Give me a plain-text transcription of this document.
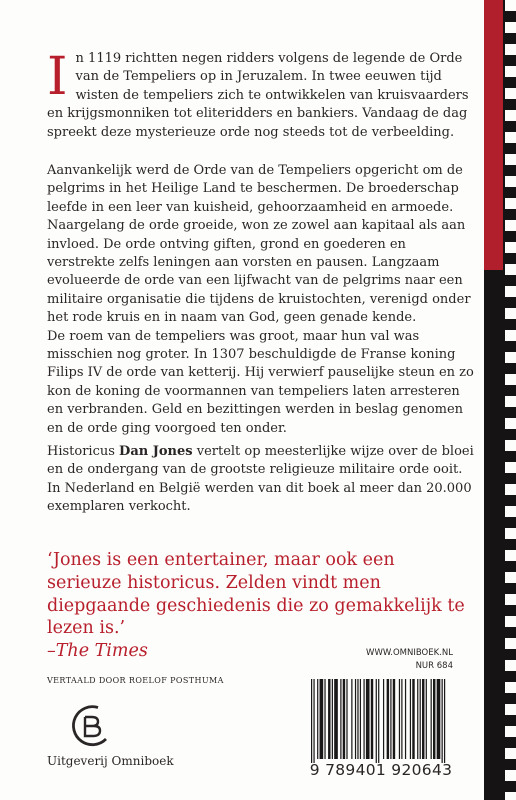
In 1119 richtten negen ridders volgens de legende de Orde van de Tempeliers op in Jeruzalem. In twee eeuwen tijd wisten de tempeliers zich te ontwikkelen van kruisvaarders en krijgsmonniken tot eliteridders en bankiers. Vandaag de dag spreekt deze mysterieuze orde nog steeds tot de verbeelding.
Aanvankelijk werd de Orde van de Tempeliers opgericht om de pelgrims in het Heilige Land te beschermen. De broederschap leefde in een leer van kuisheid, gehoorzaamheid en armoede. Naargelang de orde groeide, won ze zowel aan kapitaal als aan invloed. De orde ontving giften, grond en goederen en verstrekte zelfs leningen aan vorsten en pausen. Langzaam evolueerde de orde van een lijfwacht van de pelgrims naar een militaire organisatie die tijdens de kruistochten, verenigd onder het rode kruis en in naam van God, geen genade kende.
De roem van de tempeliers was groot, maar hun val was misschien nog groter. In 1307 beschuldigde de Franse koning Filips IV de orde van ketterij. Hij verwierf pauselijke steun en zo kon de koning de voormannen van tempeliers laten arresteren en verbranden. Geld en bezittingen werden in beslag genomen en de orde ging voorgoed ten onder.
Historicus Dan Jones vertelt op meesterlijke wijze over de bloei en de ondergang van de grootste religieuze militaire orde ooit. In Nederland en België werden van dit boek al meer dan 20.000 exemplaren verkocht.
‘Jones is een entertainer, maar ook een serieuze historicus. Zelden vindt men diepgaande geschiedenis die zo gemakkelijk te lezen is.’
–The Times
VERTAALD DOOR ROELOF POSTHUMA
Uitgeverij Omniboek
WWW.OMNIBOEK.NL
NUR 684
9 789401 920643
